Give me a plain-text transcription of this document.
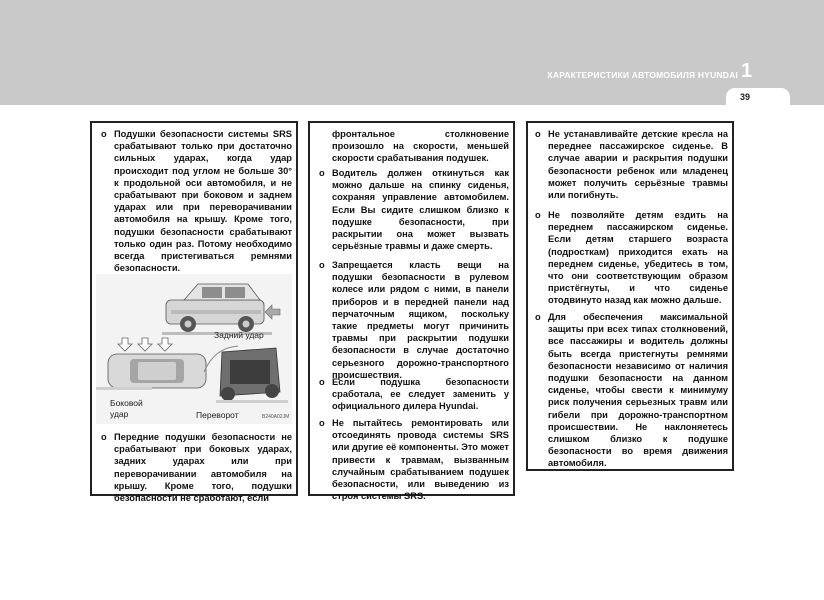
ХАРАКТЕРИСТИКИ АВТОМОБИЛЯ HYUNDAI 1
39
o Подушки безопасности системы SRS срабатывают только при достаточно сильных ударах, когда удар происходит под углом не больше 30° к продольной оси автомобиля, и не срабатывают при боковом и заднем ударах или при переворачивании автомобиля на крышу. Кроме того, подушки безопасности срабатывают только один раз. Потому необходимо всегда пристегиваться ремнями безопасности.
Задний удар
Боковой
удар	Переворот	B240A02JM
o Передние подушки безопасности не срабатывают при боковых ударах, задних ударах или при переворачивании автомобиля на крышу. Кроме того, подушки безопасности не сработают, если
фронтальное столкновение произошло на скорости, меньшей скорости срабатывания подушек.
o Водитель должен откинуться как можно дальше на спинку сиденья, сохраняя управление автомобилем. Если Вы сидите слишком близко к подушке безопасности, при раскрытии она может вызвать серьёзные травмы и даже смерть.
o Запрещается класть вещи на подушки безопасности в рулевом колесе или рядом с ними, в панели приборов и в передней панели над перчаточным ящиком, поскольку такие предметы могут причинить травмы при раскрытии подушки безопасности в случае достаточно серьезного дорожно-транспортного происшествия.
o Если подушка безопасности сработала, ее следует заменить у официального дилера Hyundai.
o Не пытайтесь ремонтировать или отсоединять провода системы SRS или другие её компоненты. Это может привести к травмам, вызванным случайным срабатыванием подушек безопасности, или выведению из строя системы SRS.
o Не устанавливайте детские кресла на переднее пассажирское сиденье. В случае аварии и раскрытия подушки безопасности ребенок или младенец может получить серьёзные травмы или погибнуть.
o Не позволяйте детям ездить на переднем пассажирском сиденье. Если детям старшего возраста (подросткам) приходится ехать на переднем сиденье, убедитесь в том, что они соответствующим образом пристёгнуты, и что сиденье отодвинуто назад как можно дальше.
o Для обеспечения максимальной защиты при всех типах столкновений, все пассажиры и водитель должны быть всегда пристегнуты ремнями безопасности независимо от наличия подушки безопасности на данном сиденье, чтобы свести к минимуму риск получения серьезных травм или гибели при дорожно-транспортном происшествии. Не наклоняетесь слишком близко к подушке безопасности во время движения автомобиля.
